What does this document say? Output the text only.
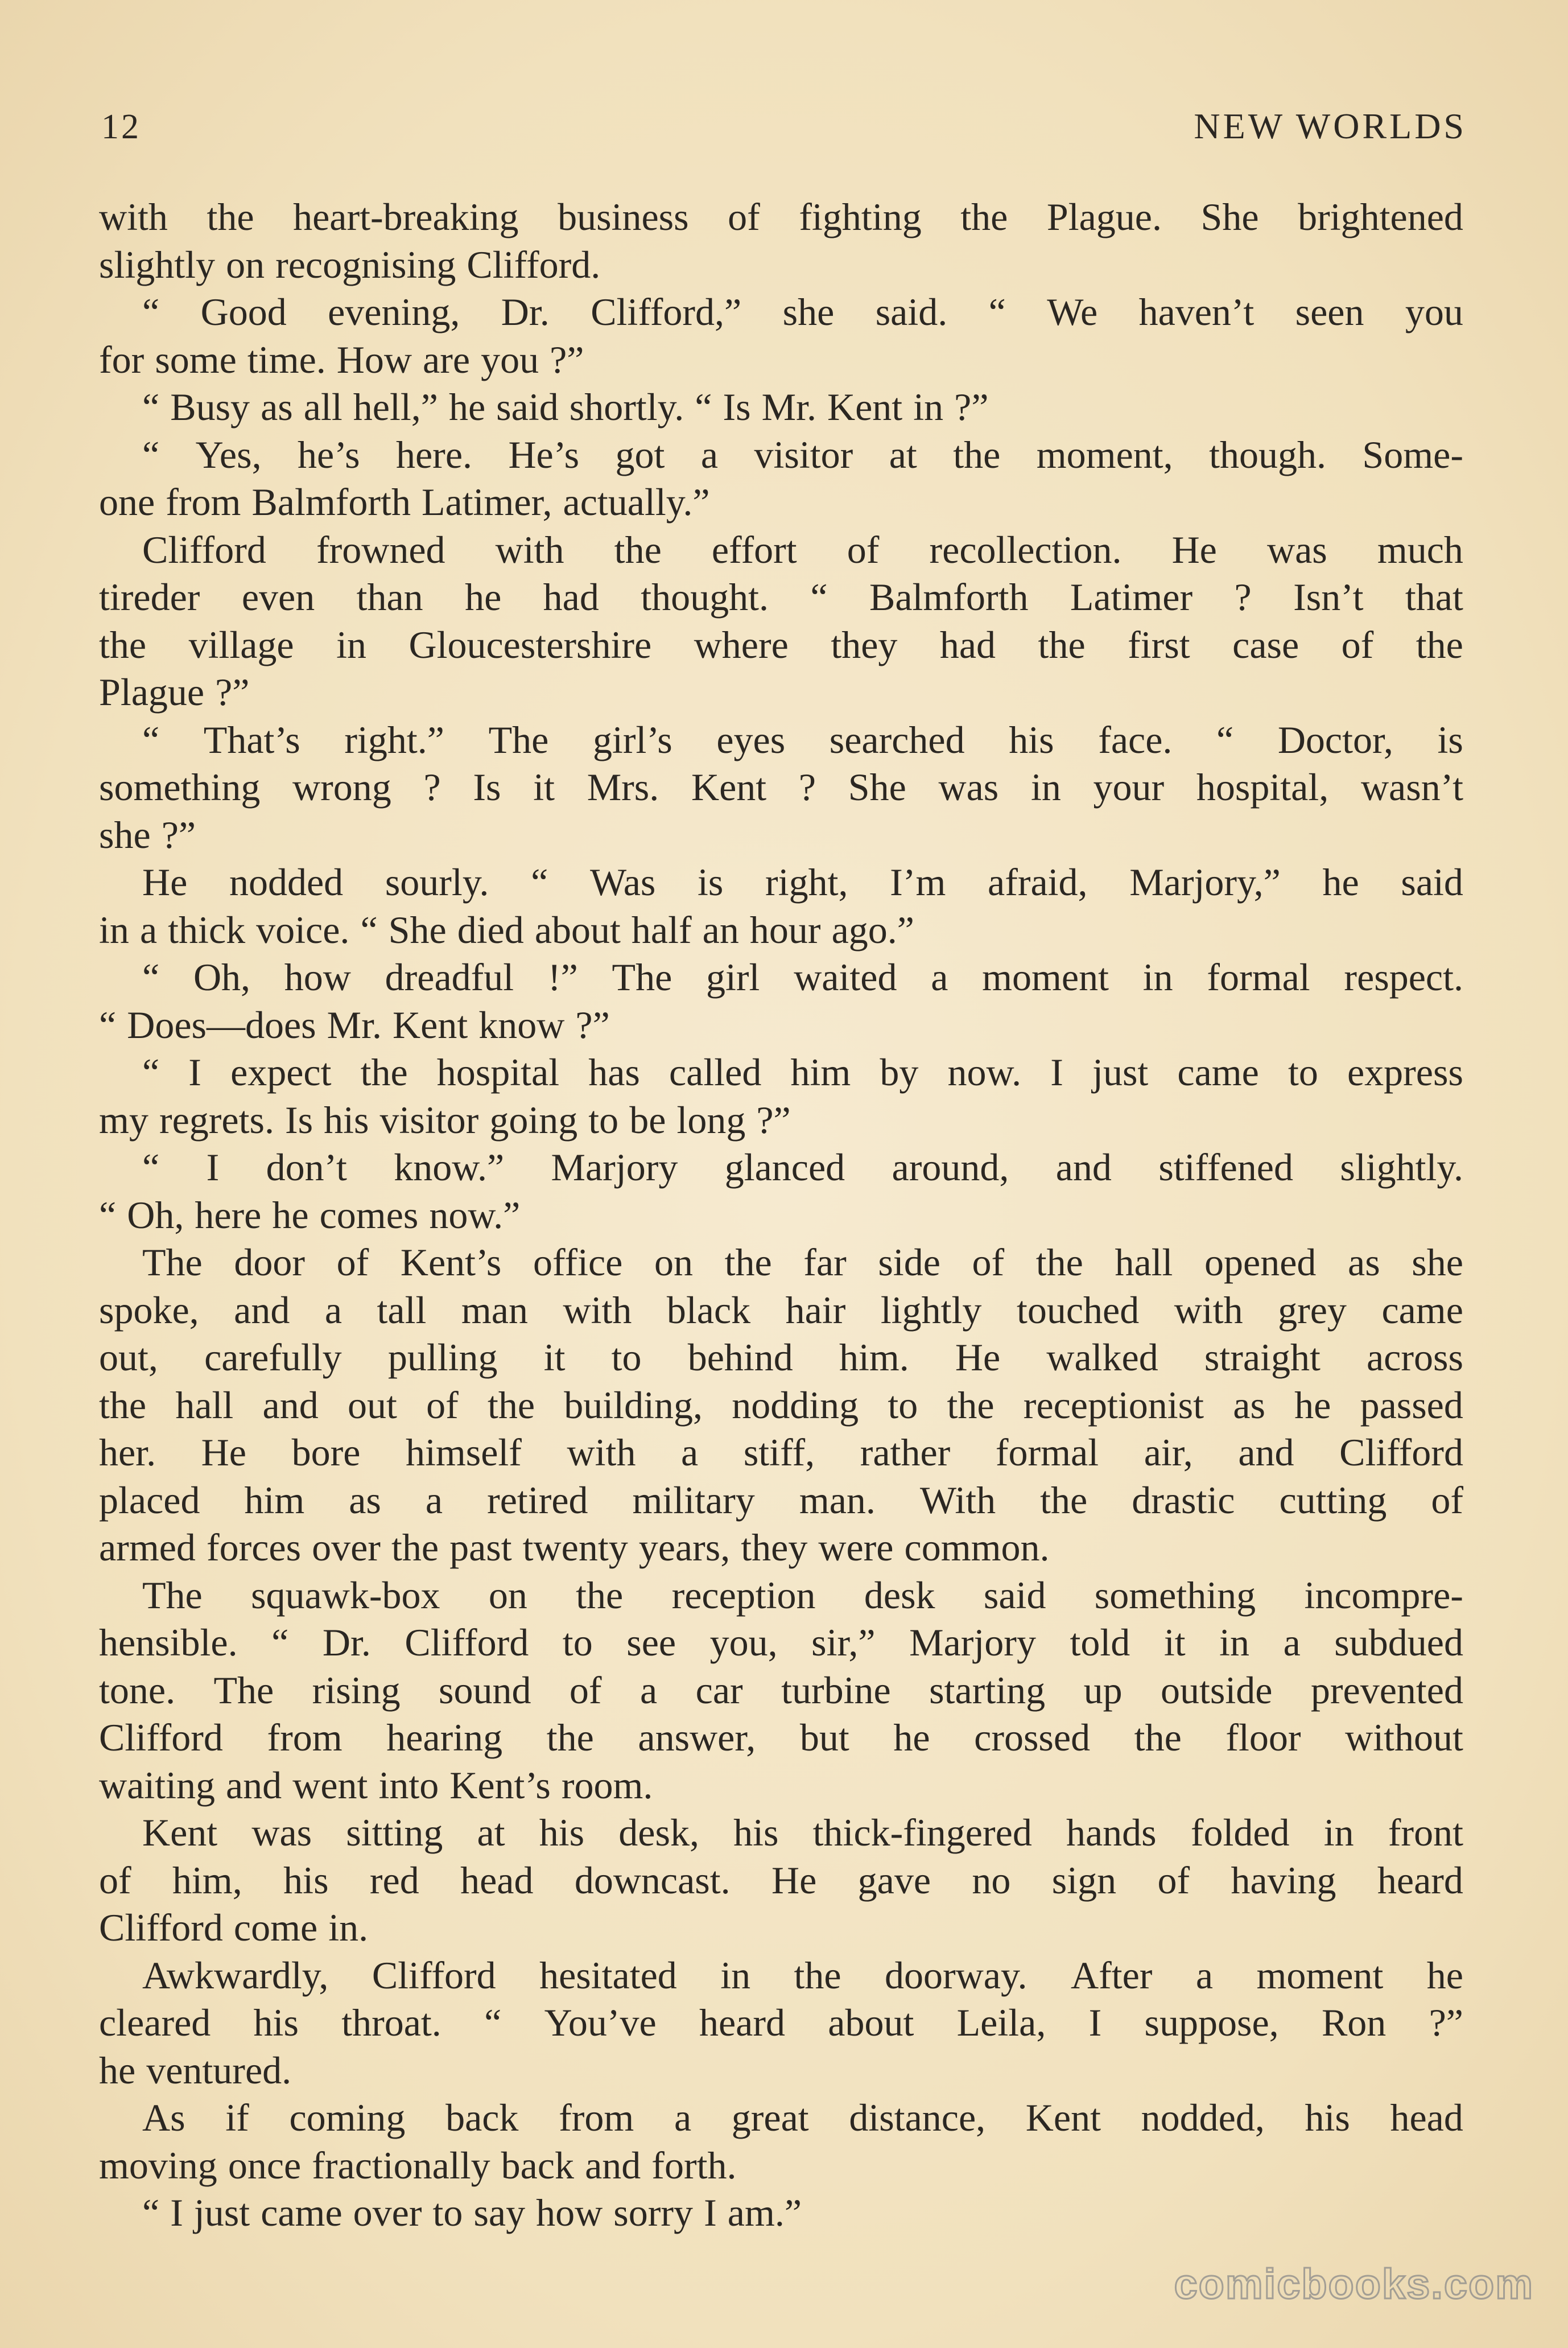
12	NEW WORLDS
with the heart-breaking business of fighting the Plague. She brightened
slightly on recognising Clifford.
“ Good evening, Dr. Clifford,” she said. “ We haven’t seen you
for some time. How are you ?”
“ Busy as all hell,” he said shortly. “ Is Mr. Kent in ?”
“ Yes, he’s here. He’s got a visitor at the moment, though. Some-
one from Balmforth Latimer, actually.”
Clifford frowned with the effort of recollection. He was much
tireder even than he had thought. “ Balmforth Latimer ? Isn’t that
the village in Gloucestershire where they had the first case of the
Plague ?”
“ That’s right.” The girl’s eyes searched his face. “ Doctor, is
something wrong ? Is it Mrs. Kent ? She was in your hospital, wasn’t
she ?”
He nodded sourly. “ Was is right, I’m afraid, Marjory,” he said
in a thick voice. “ She died about half an hour ago.”
“ Oh, how dreadful !” The girl waited a moment in formal respect.
“ Does—does Mr. Kent know ?”
“ I expect the hospital has called him by now. I just came to express
my regrets. Is his visitor going to be long ?”
“ I don’t know.” Marjory glanced around, and stiffened slightly.
“ Oh, here he comes now.”
The door of Kent’s office on the far side of the hall opened as she
spoke, and a tall man with black hair lightly touched with grey came
out, carefully pulling it to behind him. He walked straight across
the hall and out of the building, nodding to the receptionist as he passed
her. He bore himself with a stiff, rather formal air, and Clifford
placed him as a retired military man. With the drastic cutting of
armed forces over the past twenty years, they were common.
The squawk-box on the reception desk said something incompre-
hensible. “ Dr. Clifford to see you, sir,” Marjory told it in a subdued
tone. The rising sound of a car turbine starting up outside prevented
Clifford from hearing the answer, but he crossed the floor without
waiting and went into Kent’s room.
Kent was sitting at his desk, his thick-fingered hands folded in front
of him, his red head downcast. He gave no sign of having heard
Clifford come in.
Awkwardly, Clifford hesitated in the doorway. After a moment he
cleared his throat. “ You’ve heard about Leila, I suppose, Ron ?”
he ventured.
As if coming back from a great distance, Kent nodded, his head
moving once fractionally back and forth.
“ I just came over to say how sorry I am.”
comicbooks.com
